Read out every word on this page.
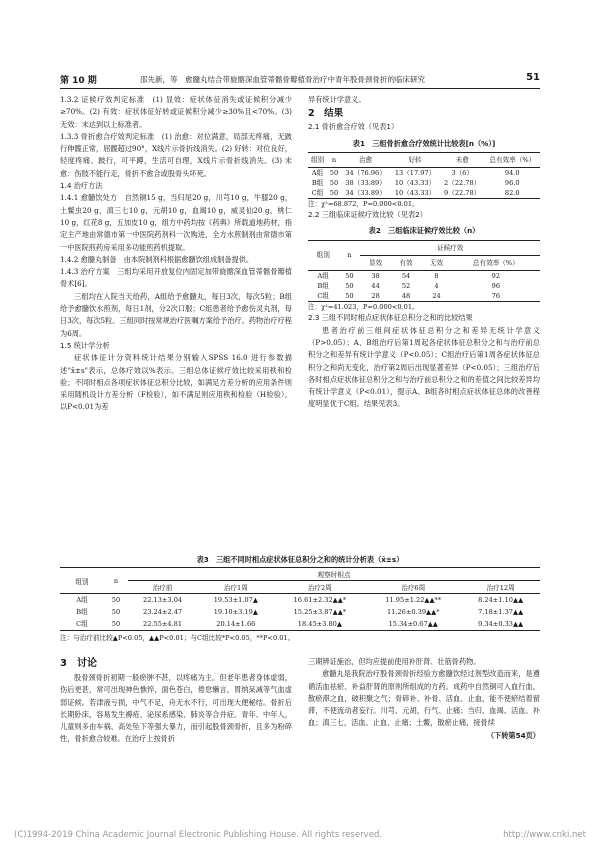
第 10 期	邵先新，等　愈髓丸结合带旋髂深血管蒂髂骨瓣植骨治疗中青年股骨颈骨折的临床研究	51

1.3.2 证候疗效判定标准　(1) 显效：症状体征消失或证候积分减少≥70%。(2) 有效：症状体征好转或证候积分减少≥30%且<70%。(3) 无效：未达到以上标准者。

1.3.3 骨折愈合疗效判定标准　(1) 治愈：对位满意，局部无疼痛，无跛行伸髋正常，屈髋超过90°，X线片示骨折线消失。(2) 好转：对位良好，轻度疼痛、跛行，可平蹲，生活可自理，X线片示骨折线消失。(3) 未愈：伤肢不能行走，骨折不愈合或股骨头坏死。

1.4 治疗方法

1.4.1 愈髓饮处方　自然铜15 g，当归尾20 g，川芎10 g，牛膝20 g，土鳖虫20 g，滇三七10 g，元胡10 g，血竭10 g，威灵仙20 g，桃仁10 g，红花8 g，五加皮10 g，组方中药均按《药典》所载道地药材，指定主产地由常德市第一中医院药剂科一次购进，全方水煎制剂由常德市第一中医院煎药房采用多功能煎药机提取。

1.4.2 愈髓丸制备　由本院制剂科根据愈髓饮组成制备提供。

1.4.3 治疗方案　三组均采用开放复位内固定加带旋髂深血管蒂髂骨瓣植骨术[6]。

三组均在入院当天给药，A组给予愈髓丸，每日3次，每次5粒；B组给予愈髓饮水煎剂，每日1剂，分2次口服；C组患者给予愈伤灵丸剂，每日3次，每次5粒。三组同时按常规治疗医嘱方案给予治疗。药物治疗疗程为6周。

1.5 统计学分析

症状体征计分资料统计结果分别输入SPSS 16.0 进行参数描述"x̄±s"表示，总体疗效以%表示。三组总体证候疗效比较采用秩和检验；不同时相点各项症状体征总积分比较，如满足方差分析的应用条件则采用随机设计方差分析（F检验），如不满足则应用秩和检验（H检验），以P<0.01为差

异有统计学意义。

2　结果

2.1 骨折愈合疗效（见表1）

表1　三组骨折愈合疗效统计比较表[n（%）]
组别	n	治愈	好转	未愈	总有效率（%）
A组	50	34（76.96）	13（17.97）	3（6）	94.0
B组	50	38（33.89）	10（43.33）	2（22.78）	96.0
C组	50	34（33.89）	10（43.33）	9（22.78）	82.0
注：χ²=68.872，P=0.000<0.01。

2.2 三组临床证候疗效比较（见表2）

表2　三组临床证候疗效比较（n）
组别	n	证候疗效			
		显效	有效	无效	总有效率（%）
A组	50	38	54	8	92
B组	50	44	52	4	96
C组	50	28	48	24	76
注：χ²=41.023，P=0.000<0.01。

2.3 三组不同时相点症状体征总积分之和的比较结果

患者治疗前三组间症状体征总积分之和差异无统计学意义（P>0.05）；A、B组治疗后第1周起各症状体征总积分之和与治疗前总积分之和差异有统计学意义（P<0.05）；C组治疗后第1周各症状体征总积分之和尚无变化，治疗第2周后出现显著差异（P<0.05）；三组治疗后各时相点症状体征总积分之和与治疗前总积分之和的差值之间比较差异均有统计学意义（P<0.01），提示A、B组各时相点症状体征总体的改善程度明显优于C组。结果见表3。

表3　三组不同时相点症状体征总积分之和的统计分析表（x̄±s）
组别	n	观察时相点				
		治疗前	治疗1周	治疗2周	治疗6周	治疗12周
A组	50	22.13±3.04	19.53±1.07▲	16.61±2.32▲▲*	11.95±1.22▲▲**	8.24±1.10▲▲
B组	50	23.24±2.47	19.10±3.19▲	15.25±3.87▲▲*	11.26±0.39▲▲*	7.18±1.37▲▲
C组	50	22.55±4.81	20.14±1.66	18.45±3.80▲	15.34±0.67▲▲	9.34±0.33▲▲
注：与治疗前比较▲P<0.05，▲▲P<0.01；与C组比较*P<0.05，**P<0.01。

3　讨论

股骨颈骨折初期一般瘀肿不甚，以疼痛为主。但老年患者身体虚弱，伤后更甚，常可出现神色憔悴，面色苍白，倦怠懒言，胃纳呆减等气血虚弱证候。若津液亏损，中气不足，舟无水不行，可出现大便秘结。骨折后长期卧床，容易发生褥疮、泌尿系感染、肺炎等合并症。青年、中年人，儿童则多由车祸、高处坠下等强大暴力，而引起股骨颈骨折，且多为粉碎性，骨折愈合较难。在治疗上按骨折

三期辨证施治，但均应提前使用补肝肾、壮筋骨药物。

愈髓丸是我院治疗股骨颈骨折经验方愈髓饮经过剂型改造而来，是遵循活血祛瘀、补益肝肾的原则所组成的方药。成药中自然铜可入血行血，散瘀滞之血，破积聚之气；骨碎补、补骨、活血、止血，能不使瘀结着留滞，不使流动者妄行。川芎、元胡，行气、止痛；当归、血竭、活血、补血；滇三七，活血、止血、止痛；土鳖，散瘀止痛，接骨续

（下转第54页）

(C)1994-2019 China Academic Journal Electronic Publishing House. All rights reserved.	http://www.cnki.net
